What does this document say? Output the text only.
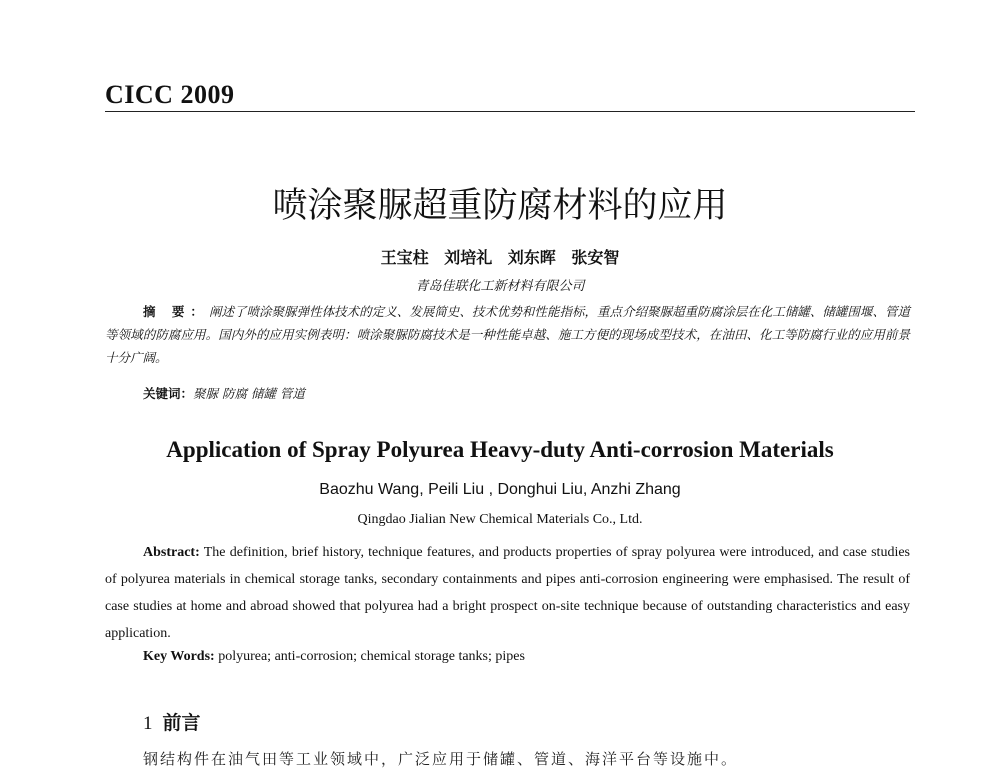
CICC 2009
喷涂聚脲超重防腐材料的应用
王宝柱 刘培礼 刘东晖 张安智
青岛佳联化工新材料有限公司
摘 要：阐述了喷涂聚脲弹性体技术的定义、发展简史、技术优势和性能指标，重点介绍聚脲超重防腐涂层在化工储罐、储罐围堰、管道等领域的防腐应用。国内外的应用实例表明：喷涂聚脲防腐技术是一种性能卓越、施工方便的现场成型技术，在油田、化工等防腐行业的应用前景十分广阔。
关键词：聚脲 防腐 储罐 管道
Application of Spray Polyurea Heavy-duty Anti-corrosion Materials
Baozhu Wang, Peili Liu , Donghui Liu, Anzhi Zhang
Qingdao Jialian New Chemical Materials Co., Ltd.
Abstract: The definition, brief history, technique features, and products properties of spray polyurea were introduced, and case studies of polyurea materials in chemical storage tanks, secondary containments and pipes anti-corrosion engineering were emphasised. The result of case studies at home and abroad showed that polyurea had a bright prospect on-site technique because of outstanding characteristics and easy application.
Key Words: polyurea; anti-corrosion; chemical storage tanks; pipes
1 前言
钢结构件在油气田等工业领域中，广泛应用于储罐、管道、海洋平台等设施中。
